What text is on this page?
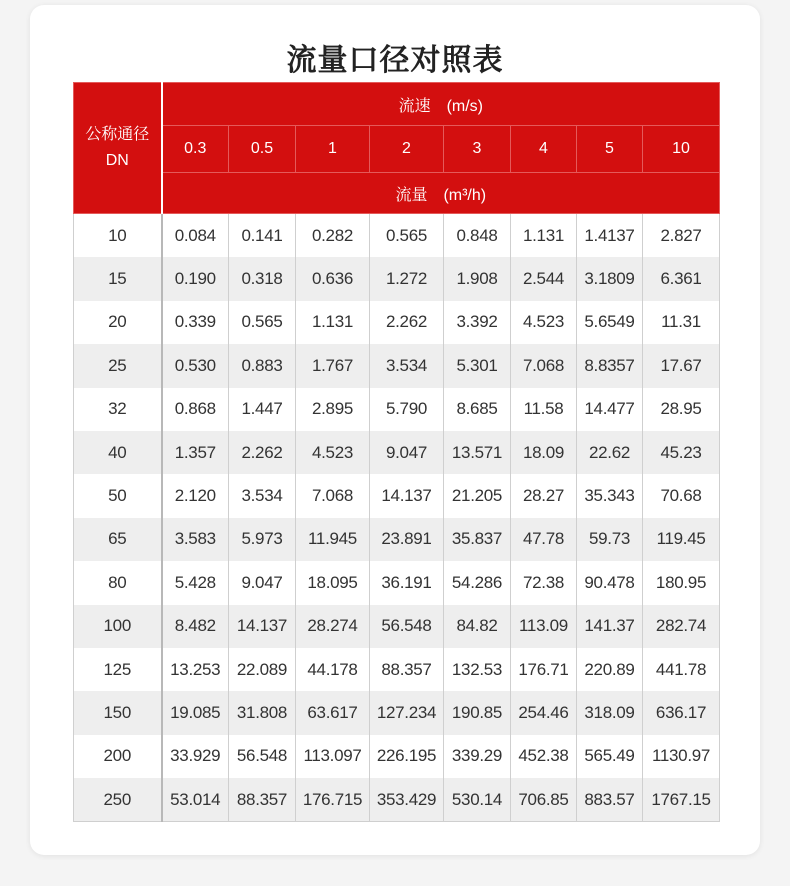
流量口径对照表
公称通径
DN	流速　(m/s)							
	0.3	0.5	1	2	3	4	5	10
	流量　(m³/h)							
10	0.084	0.141	0.282	0.565	0.848	1.131	1.4137	2.827
15	0.190	0.318	0.636	1.272	1.908	2.544	3.1809	6.361
20	0.339	0.565	1.131	2.262	3.392	4.523	5.6549	11.31
25	0.530	0.883	1.767	3.534	5.301	7.068	8.8357	17.67
32	0.868	1.447	2.895	5.790	8.685	11.58	14.477	28.95
40	1.357	2.262	4.523	9.047	13.571	18.09	22.62	45.23
50	2.120	3.534	7.068	14.137	21.205	28.27	35.343	70.68
65	3.583	5.973	11.945	23.891	35.837	47.78	59.73	119.45
80	5.428	9.047	18.095	36.191	54.286	72.38	90.478	180.95
100	8.482	14.137	28.274	56.548	84.82	113.09	141.37	282.74
125	13.253	22.089	44.178	88.357	132.53	176.71	220.89	441.78
150	19.085	31.808	63.617	127.234	190.85	254.46	318.09	636.17
200	33.929	56.548	113.097	226.195	339.29	452.38	565.49	1130.97
250	53.014	88.357	176.715	353.429	530.14	706.85	883.57	1767.15
